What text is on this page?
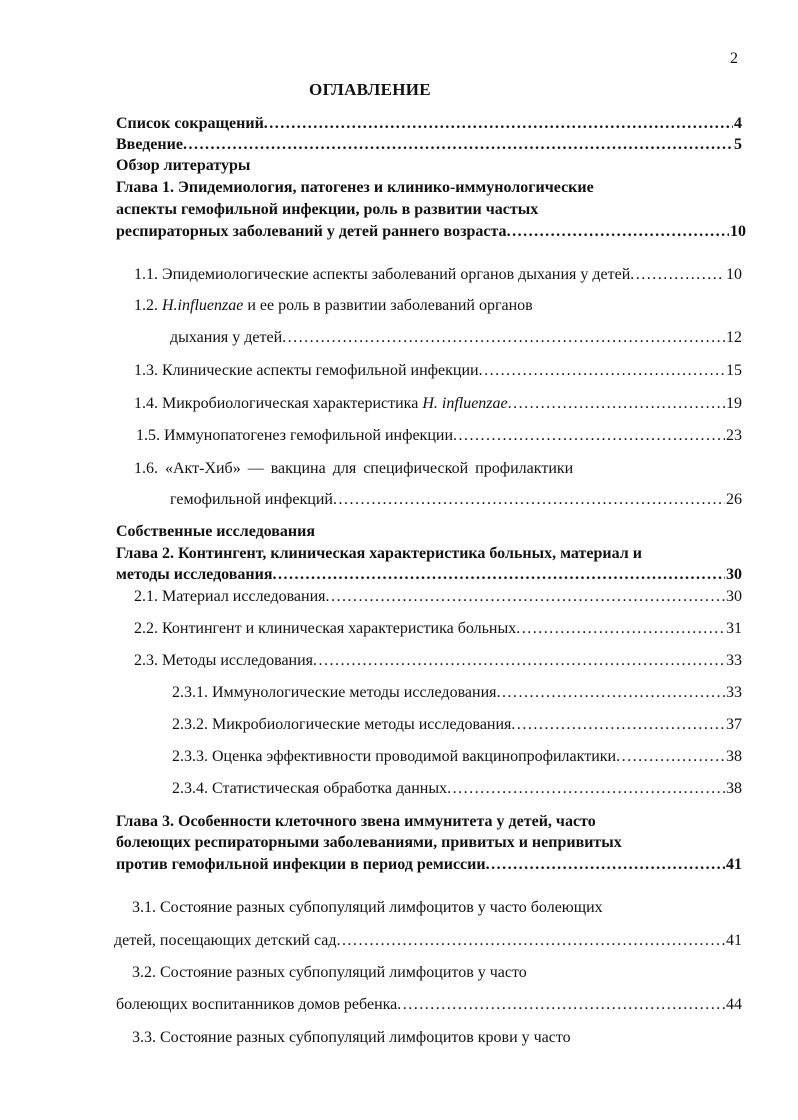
2
ОГЛАВЛЕНИЕ
Список сокращений .....	4
Введение .....	5
Обзор литературы
Глава 1. Эпидемиология, патогенез и клинико-иммунологические
аспекты гемофильной инфекции, роль в развитии частых
респираторных заболеваний у детей раннего возраста .....	10
1.1. Эпидемиологические аспекты заболеваний органов дыхания у детей .....	10
1.2. H.influenzae и ее роль в развитии заболеваний органов
дыхания у детей .....	12
1.3. Клинические аспекты гемофильной инфекции .....	15
1.4. Микробиологическая характеристика H. influenzae .....	19
1.5. Иммунопатогенез гемофильной инфекции .....	23
1.6. «Акт-Хиб» — вакцина для специфической профилактики
гемофильной инфекций .....	26
Собственные исследования
Глава 2. Контингент, клиническая характеристика больных, материал и
методы исследования .....	30
2.1. Материал исследования .....	30
2.2. Контингент и клиническая характеристика больных .....	31
2.3. Методы исследования .....	33
2.3.1. Иммунологические методы исследования .....	33
2.3.2. Микробиологические методы исследования .....	37
2.3.3. Оценка эффективности проводимой вакцинопрофилактики .....	38
2.3.4. Статистическая обработка данных .....	38
Глава 3. Особенности клеточного звена иммунитета у детей, часто
болеющих респираторными заболеваниями, привитых и непривитых
против гемофильной инфекции в период ремиссии .....	41
3.1. Состояние разных субпопуляций лимфоцитов у часто болеющих
детей, посещающих детский сад .....	41
3.2. Состояние разных субпопуляций лимфоцитов у часто
болеющих воспитанников домов ребенка .....	44
3.3. Состояние разных субпопуляций лимфоцитов крови у часто
